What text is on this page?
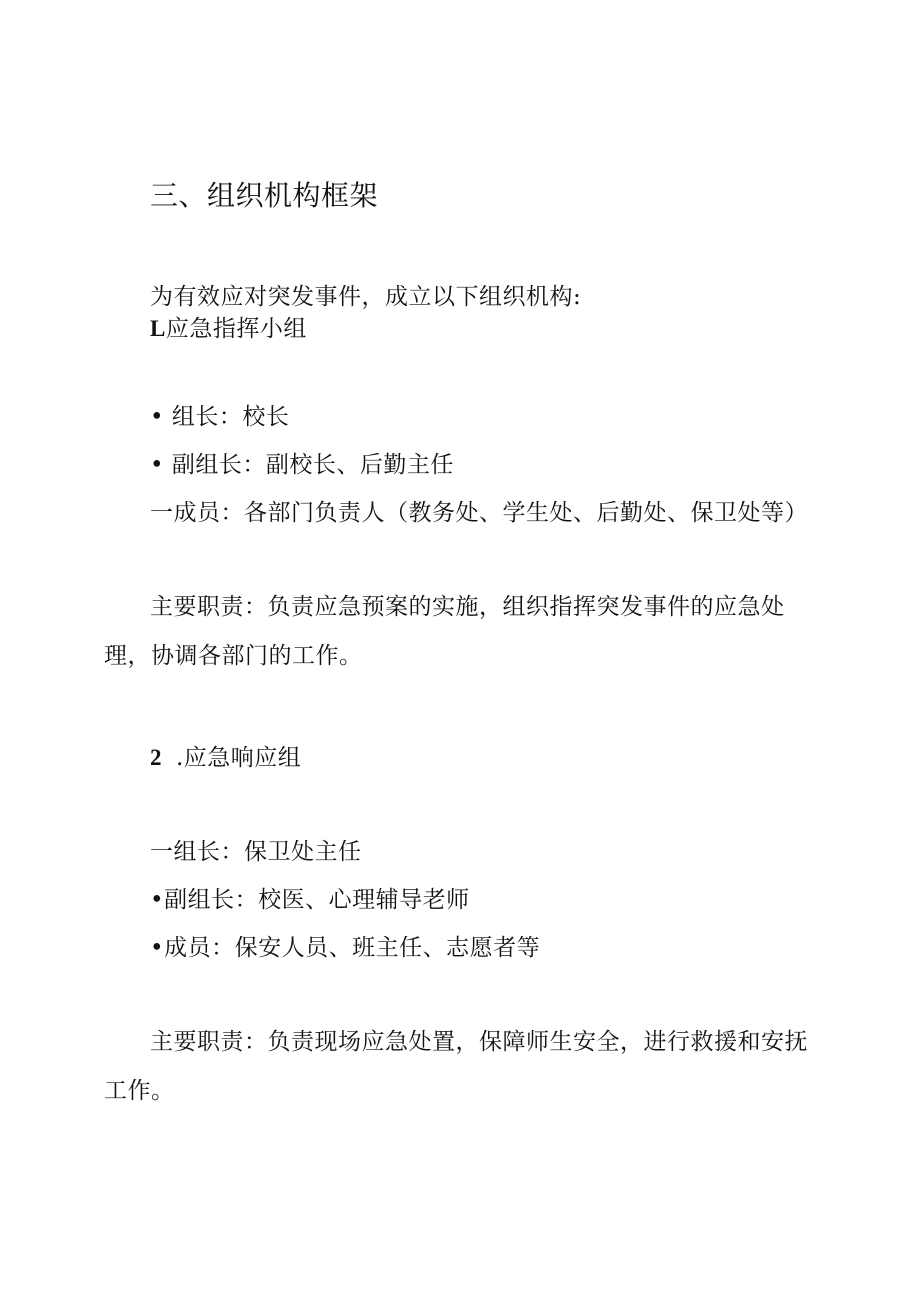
三、组织机构框架
为有效应对突发事件，成立以下组织机构:
L应急指挥小组
• 组长：校长
• 副组长：副校长、后勤主任
一成员：各部门负责人（教务处、学生处、后勤处、保卫处等）
主要职责：负责应急预案的实施，组织指挥突发事件的应急处
理，协调各部门的工作。
2 .应急响应组
一组长：保卫处主任
•副组长：校医、心理辅导老师
•成员：保安人员、班主任、志愿者等
主要职责：负责现场应急处置，保障师生安全，进行救援和安抚
工作。
